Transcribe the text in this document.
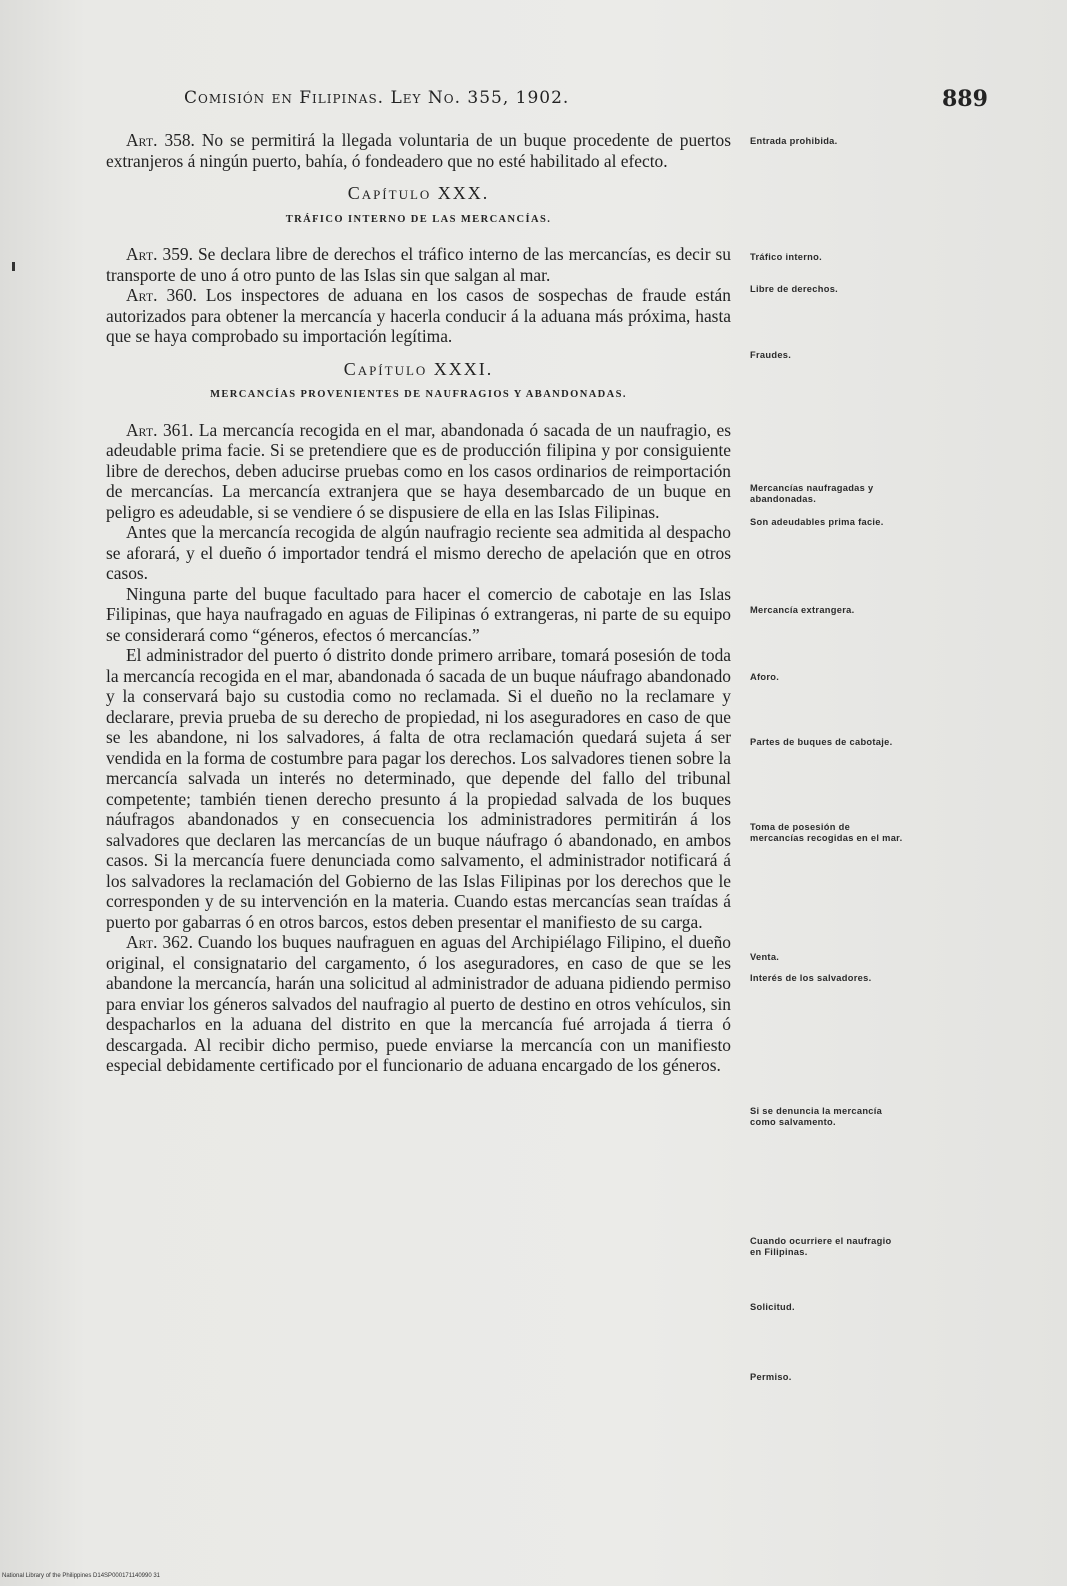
Comisión en Filipinas. Ley No. 355, 1902.	889

Art. 358. No se permitirá la llegada voluntaria de un buque procedente de puertos extranjeros á ningún puerto, bahía, ó fondeadero que no esté habilitado al efecto.

Capítulo XXX.
TRÁFICO INTERNO DE LAS MERCANCÍAS.

Art. 359. Se declara libre de derechos el tráfico interno de las mercancías, es decir su transporte de uno á otro punto de las Islas sin que salgan al mar.

Art. 360. Los inspectores de aduana en los casos de sospechas de fraude están autorizados para obtener la mercancía y hacerla conducir á la aduana más próxima, hasta que se haya comprobado su importación legítima.

Capítulo XXXI.
MERCANCÍAS PROVENIENTES DE NAUFRAGIOS Y ABANDONADAS.

Art. 361. La mercancía recogida en el mar, abandonada ó sacada de un naufragio, es adeudable prima facie. Si se pretendiere que es de producción filipina y por consiguiente libre de derechos, deben aducirse pruebas como en los casos ordinarios de reimportación de mercancías. La mercancía extranjera que se haya desembarcado de un buque en peligro es adeudable, si se vendiere ó se dispusiere de ella en las Islas Filipinas.

Antes que la mercancía recogida de algún naufragio reciente sea admitida al despacho se aforará, y el dueño ó importador tendrá el mismo derecho de apelación que en otros casos.

Ninguna parte del buque facultado para hacer el comercio de cabotaje en las Islas Filipinas, que haya naufragado en aguas de Filipinas ó extrangeras, ni parte de su equipo se considerará como “géneros, efectos ó mercancías.”

El administrador del puerto ó distrito donde primero arribare, tomará posesión de toda la mercancía recogida en el mar, abandonada ó sacada de un buque náufrago abandonado y la conservará bajo su custodia como no reclamada. Si el dueño no la reclamare y declarare, previa prueba de su derecho de propiedad, ni los aseguradores en caso de que se les abandone, ni los salvadores, á falta de otra reclamación quedará sujeta á ser vendida en la forma de costumbre para pagar los derechos. Los salvadores tienen sobre la mercancía salvada un interés no determinado, que depende del fallo del tribunal competente; también tienen derecho presunto á la propiedad salvada de los buques náufragos abandonados y en consecuencia los administradores permitirán á los salvadores que declaren las mercancías de un buque náufrago ó abandonado, en ambos casos. Si la mercancía fuere denunciada como salvamento, el administrador notificará á los salvadores la reclamación del Gobierno de las Islas Filipinas por los derechos que le corresponden y de su intervención en la materia. Cuando estas mercancías sean traídas á puerto por gabarras ó en otros barcos, estos deben presentar el manifiesto de su carga.

Art. 362. Cuando los buques naufraguen en aguas del Archipiélago Filipino, el dueño original, el consignatario del cargamento, ó los aseguradores, en caso de que se les abandone la mercancía, harán una solicitud al administrador de aduana pidiendo permiso para enviar los géneros salvados del naufragio al puerto de destino en otros vehículos, sin despacharlos en la aduana del distrito en que la mercancía fué arrojada á tierra ó descargada. Al recibir dicho permiso, puede enviarse la mercancía con un manifiesto especial debidamente certificado por el funcionario de aduana encargado de los géneros.

Entrada prohibida.
Tráfico interno.
Libre de derechos.
Fraudes.
Mercancías naufragadas y abandonadas.
Son adeudables prima facie.
Mercancía extrangera.
Aforo.
Partes de buques de cabotaje.
Toma de posesión de mercancías recogidas en el mar.
Venta.
Interés de los salvadores.
Si se denuncia la mercancía como salvamento.
Cuando ocurriere el naufragio en Filipinas.
Solicitud.
Permiso.
National Library of the Philippines D14SP000171140990 31
